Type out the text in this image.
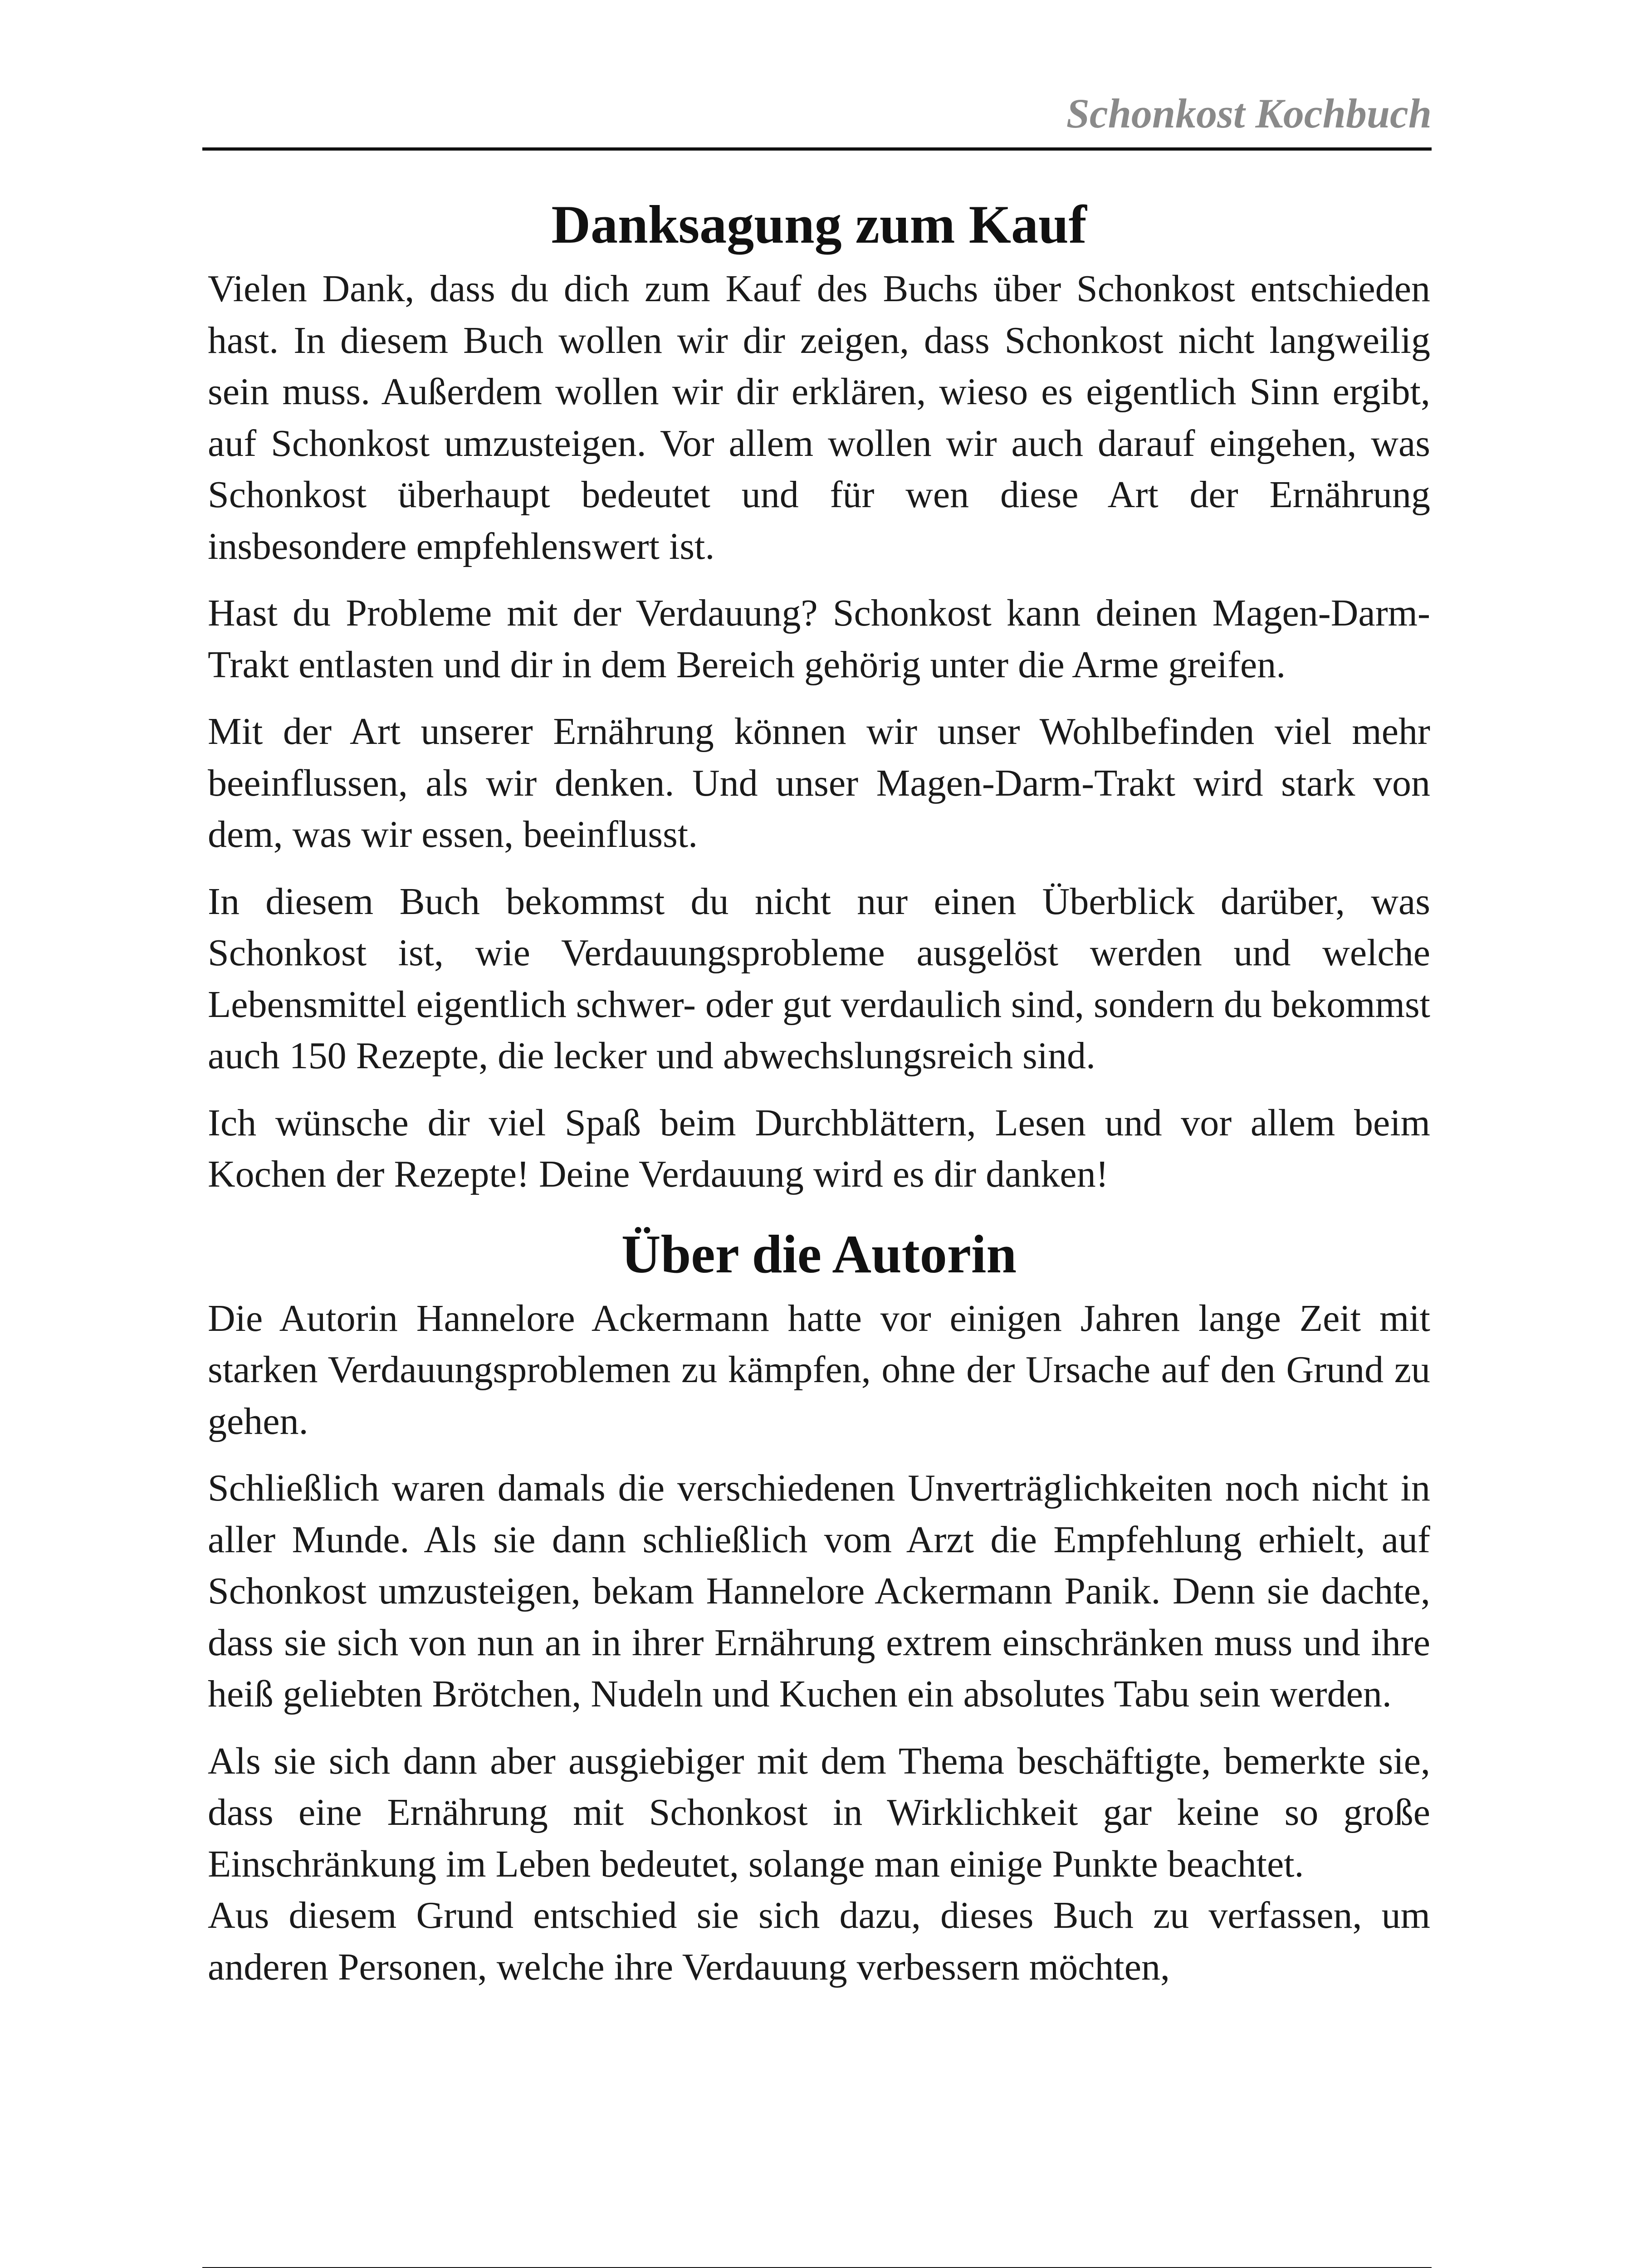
Schonkost Kochbuch
Danksagung zum Kauf

Vielen Dank, dass du dich zum Kauf des Buchs über Schonkost entschieden hast. In diesem Buch wollen wir dir zeigen, dass Schonkost nicht langweilig sein muss. Außerdem wollen wir dir erklären, wieso es eigentlich Sinn ergibt, auf Schonkost umzusteigen. Vor allem wollen wir auch darauf eingehen, was Schonkost überhaupt bedeutet und für wen diese Art der Ernährung insbesondere empfehlenswert ist.

Hast du Probleme mit der Verdauung? Schonkost kann deinen Magen-Darm-Trakt entlasten und dir in dem Bereich gehörig unter die Arme greifen.

Mit der Art unserer Ernährung können wir unser Wohlbefinden viel mehr beeinflussen, als wir denken. Und unser Magen-Darm-Trakt wird stark von dem, was wir essen, beeinflusst.

In diesem Buch bekommst du nicht nur einen Überblick darüber, was Schonkost ist, wie Verdauungsprobleme ausgelöst werden und welche Lebensmittel eigentlich schwer- oder gut verdaulich sind, sondern du bekommst auch 150 Rezepte, die lecker und abwechslungsreich sind.

Ich wünsche dir viel Spaß beim Durchblättern, Lesen und vor allem beim Kochen der Rezepte! Deine Verdauung wird es dir danken!

Über die Autorin

Die Autorin Hannelore Ackermann hatte vor einigen Jahren lange Zeit mit starken Verdauungsproblemen zu kämpfen, ohne der Ursache auf den Grund zu gehen.

Schließlich waren damals die verschiedenen Unverträglichkeiten noch nicht in aller Munde. Als sie dann schließlich vom Arzt die Empfehlung erhielt, auf Schonkost umzusteigen, bekam Hannelore Ackermann Panik. Denn sie dachte, dass sie sich von nun an in ihrer Ernährung extrem einschränken muss und ihre heiß geliebten Brötchen, Nudeln und Kuchen ein absolutes Tabu sein werden.

Als sie sich dann aber ausgiebiger mit dem Thema beschäftigte, bemerkte sie, dass eine Ernährung mit Schonkost in Wirklichkeit gar keine so große Einschränkung im Leben bedeutet, solange man einige Punkte beachtet.

Aus diesem Grund entschied sie sich dazu, dieses Buch zu verfassen, um anderen Personen, welche ihre Verdauung verbessern möchten,
